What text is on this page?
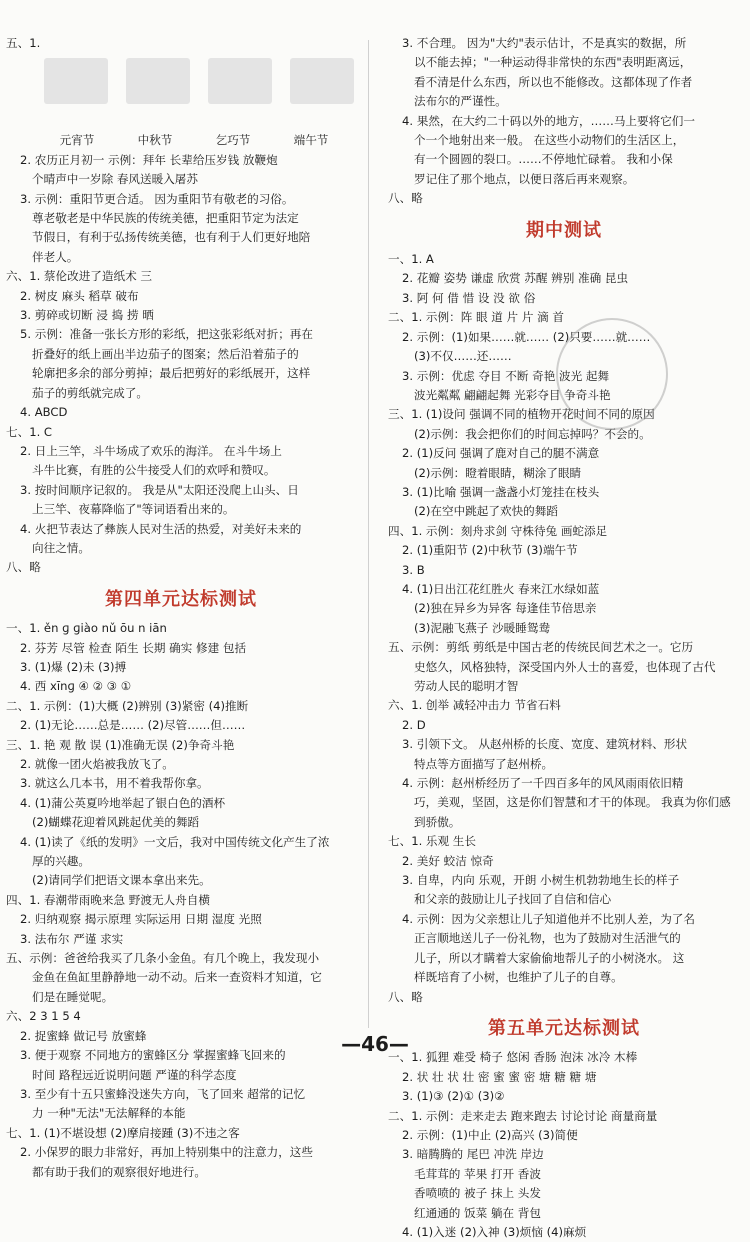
五、1.
元宵节	中秋节	乞巧节	端午节
2. 农历正月初一 示例：拜年 长辈给压岁钱 放鞭炮
个晴声中一岁除 春风送暖入屠苏
3. 示例：重阳节更合适。 因为重阳节有敬老的习俗。
尊老敬老是中华民族的传统美德，把重阳节定为法定
节假日，有利于弘扬传统美德，也有利于人们更好地陪
伴老人。
六、1. 蔡伦改进了造纸术 三
2. 树皮 麻头 稻草 破布
3. 剪碎或切断 浸 捣 捞 晒
5. 示例：准备一张长方形的彩纸，把这张彩纸对折；再在
折叠好的纸上画出半边茄子的图案；然后沿着茄子的
轮廓把多余的部分剪掉；最后把剪好的彩纸展开，这样
茄子的剪纸就完成了。
4. ABCD
七、1. C
2. 日上三竿，斗牛场成了欢乐的海洋。 在斗牛场上
斗牛比赛，有胜的公牛接受人们的欢呼和赞叹。
3. 按时间顺序记叙的。 我是从"太阳还没爬上山头、日
上三竿、夜幕降临了"等词语看出来的。
4. 火把节表达了彝族人民对生活的热爱，对美好未来的
向往之情。
八、略
第四单元达标测试
一、1. ěn ɡ ɡiào nǔ ōu n iān
2. 芬芳 尽管 检查 陌生 长期 确实 修建 包括
3. (1)爆 (2)未 (3)搏
4. 西 xīnɡ ④ ② ③ ①
二、1. 示例：(1)大概 (2)辨别 (3)紧密 (4)推断
2. (1)无论……总是…… (2)尽管……但……
三、1. 艳 观 散 误 (1)准确无误 (2)争奇斗艳
2. 就像一团火焰被我放飞了。
3. 就这么几本书，用不着我帮你拿。
4. (1)蒲公英夏吟地举起了银白色的酒杯
(2)蝴蝶花迎着风跳起优美的舞蹈
4. (1)读了《纸的发明》一文后，我对中国传统文化产生了浓
厚的兴趣。
(2)请同学们把语文课本拿出来先。
四、1. 春潮带雨晚来急 野渡无人舟自横
2. 归纳观察 揭示原理 实际运用 日期 湿度 光照
3. 法布尔 严谨 求实
五、示例：爸爸给我买了几条小金鱼。有几个晚上，我发现小
金鱼在鱼缸里静静地一动不动。后来一查资料才知道，它
们是在睡觉呢。
六、2 3 1 5 4
2. 捉蜜蜂 做记号 放蜜蜂
3. 便于观察 不同地方的蜜蜂区分 掌握蜜蜂飞回来的
时间 路程远近说明问题 严谨的科学态度
3. 至少有十五只蜜蜂没迷失方向，飞了回来 超常的记忆
力 一种"无法"无法解释的本能
七、1. (1)不堪设想 (2)摩肩接踵 (3)不违之客
2. 小保罗的眼力非常好，再加上特别集中的注意力，这些
都有助于我们的观察很好地进行。
3. 不合理。 因为"大约"表示估计，不是真实的数据，所
以不能去掉；"一种运动得非常快的东西"表明距离远，
看不清是什么东西，所以也不能修改。这都体现了作者
法布尔的严谨性。
4. 果然，在大约二十码以外的地方，……马上要将它们一
个一个地射出来一般。 在这些小动物们的生活区上，
有一个圆圆的裂口。……不停地忙碌着。 我和小保
罗记住了那个地点，以便日落后再来观察。
八、略
期中测试
一、1. A
2. 花瓣 姿势 谦虚 欣赏 苏醒 辨别 准确 昆虫
3. 阿 何 借 惜 设 没 欲 俗
二、1. 示例：阵 眼 道 片 片 滴 首
2. 示例：(1)如果……就…… (2)只要……就……
(3)不仅……还……
3. 示例：优虑 夺目 不断 奇艳 波光 起舞
波光粼粼 翩翩起舞 光彩夺目 争奇斗艳
三、1. (1)设问 强调不同的植物开花时间不同的原因
(2)示例：我会把你们的时间忘掉吗？不会的。
2. (1)反问 强调了鹿对自己的腿不满意
(2)示例：瞪着眼睛，糊涂了眼睛
3. (1)比喻 强调一盏盏小灯笼挂在枝头
(2)在空中跳起了欢快的舞蹈
四、1. 示例：刻舟求剑 守株待兔 画蛇添足
2. (1)重阳节 (2)中秋节 (3)端午节
3. B
4. (1)日出江花红胜火 春来江水绿如蓝
(2)独在异乡为异客 每逢佳节倍思亲
(3)泥融飞燕子 沙暖睡鸳鸯
五、示例：剪纸 剪纸是中国古老的传统民间艺术之一。它历
史悠久，风格独特，深受国内外人士的喜爱，也体现了古代
劳动人民的聪明才智
六、1. 创举 减轻冲击力 节省石料
2. D
3. 引领下文。 从赵州桥的长度、宽度、建筑材料、形状
特点等方面描写了赵州桥。
4. 示例：赵州桥经历了一千四百多年的风风雨雨依旧精
巧，美观，坚固，这是你们智慧和才干的体现。 我真为你们感
到骄傲。
七、1. 乐观 生长
2. 美好 蛟洁 惊奇
3. 自卑，内向 乐观，开朗 小树生机勃勃地生长的样子
和父亲的鼓励让儿子找回了自信和信心
4. 示例：因为父亲想让儿子知道他并不比别人差，为了名
正言顺地送儿子一份礼物，也为了鼓励对生活泄气的
儿子，所以才瞒着大家偷偷地帮儿子的小树浇水。 这
样既培育了小树，也维护了儿子的自尊。
八、略
第五单元达标测试
一、1. 狐狸 难受 椅子 悠闲 香肠 泡沫 冰冷 木棒
2. 状 壮 状 壮 密 蜜 蜜 密 塘 糖 糖 塘
3. (1)③ (2)① (3)②
二、1. 示例：走来走去 跑来跑去 讨论讨论 商量商量
2. 示例：(1)中止 (2)高兴 (3)简便
3. 暗腾腾的 尾巴 冲洗 岸边
毛茸茸的 苹果 打开 香波
香喷喷的 被子 抹上 头发
红通通的 饭菜 躺在 背包
4. (1)入迷 (2)入神 (3)烦恼 (4)麻烦
—46—
